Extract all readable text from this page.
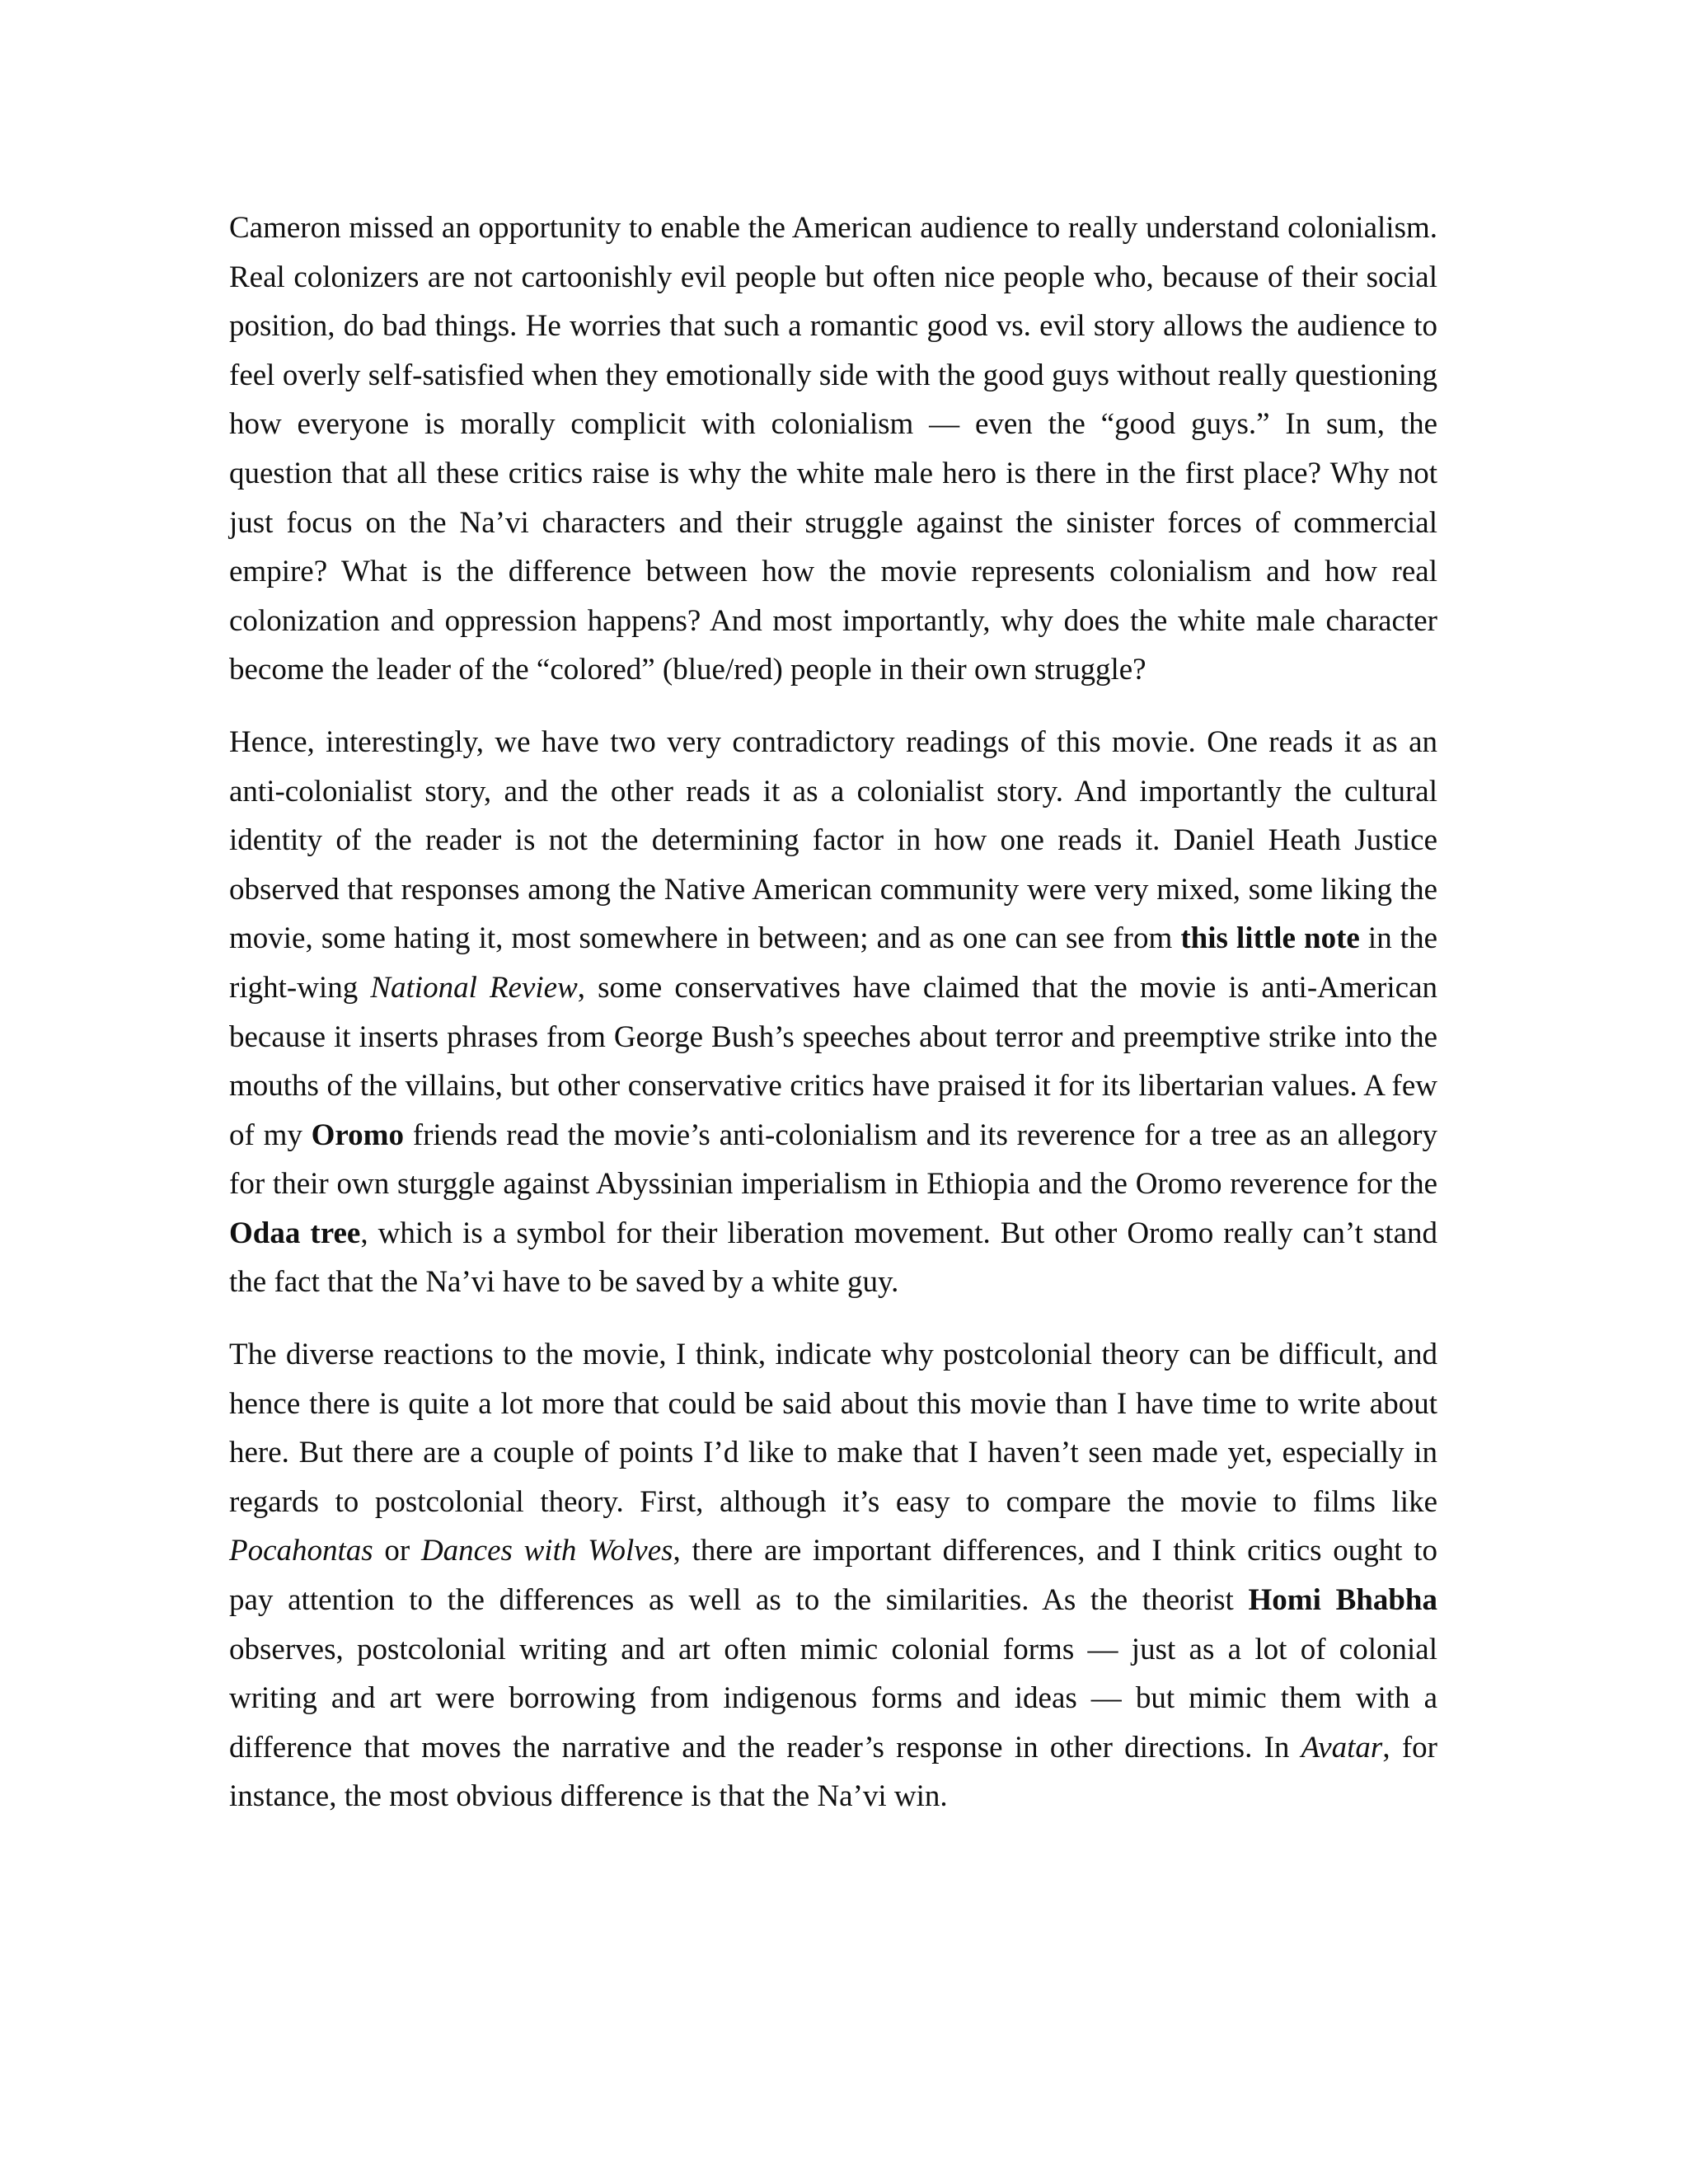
Cameron missed an opportunity to enable the American audience to really understand colonialism. Real colonizers are not cartoonishly evil people but often nice people who, because of their social position, do bad things. He worries that such a romantic good vs. evil story allows the audience to feel overly self-satisfied when they emotionally side with the good guys without really questioning how everyone is morally complicit with colonialism — even the “good guys.” In sum, the question that all these critics raise is why the white male hero is there in the first place? Why not just focus on the Na’vi characters and their struggle against the sinister forces of commercial empire? What is the difference between how the movie represents colonialism and how real colonization and oppression happens? And most importantly, why does the white male character become the leader of the “colored” (blue/red) people in their own struggle?

Hence, interestingly, we have two very contradictory readings of this movie. One reads it as an anti-colonialist story, and the other reads it as a colonialist story. And importantly the cultural identity of the reader is not the determining factor in how one reads it. Daniel Heath Justice observed that responses among the Native American community were very mixed, some liking the movie, some hating it, most somewhere in between; and as one can see from this little note in the right-wing National Review, some conservatives have claimed that the movie is anti-American because it inserts phrases from George Bush’s speeches about terror and preemptive strike into the mouths of the villains, but other conservative critics have praised it for its libertarian values. A few of my Oromo friends read the movie’s anti-colonialism and its reverence for a tree as an allegory for their own sturggle against Abyssinian imperialism in Ethiopia and the Oromo reverence for the Odaa tree, which is a symbol for their liberation movement. But other Oromo really can’t stand the fact that the Na’vi have to be saved by a white guy.

The diverse reactions to the movie, I think, indicate why postcolonial theory can be difficult, and hence there is quite a lot more that could be said about this movie than I have time to write about here. But there are a couple of points I’d like to make that I haven’t seen made yet, especially in regards to postcolonial theory. First, although it’s easy to compare the movie to films like Pocahontas or Dances with Wolves, there are important differences, and I think critics ought to pay attention to the differences as well as to the similarities. As the theorist Homi Bhabha observes, postcolonial writing and art often mimic colonial forms — just as a lot of colonial writing and art were borrowing from indigenous forms and ideas — but mimic them with a difference that moves the narrative and the reader’s response in other directions. In Avatar, for instance, the most obvious difference is that the Na’vi win.
